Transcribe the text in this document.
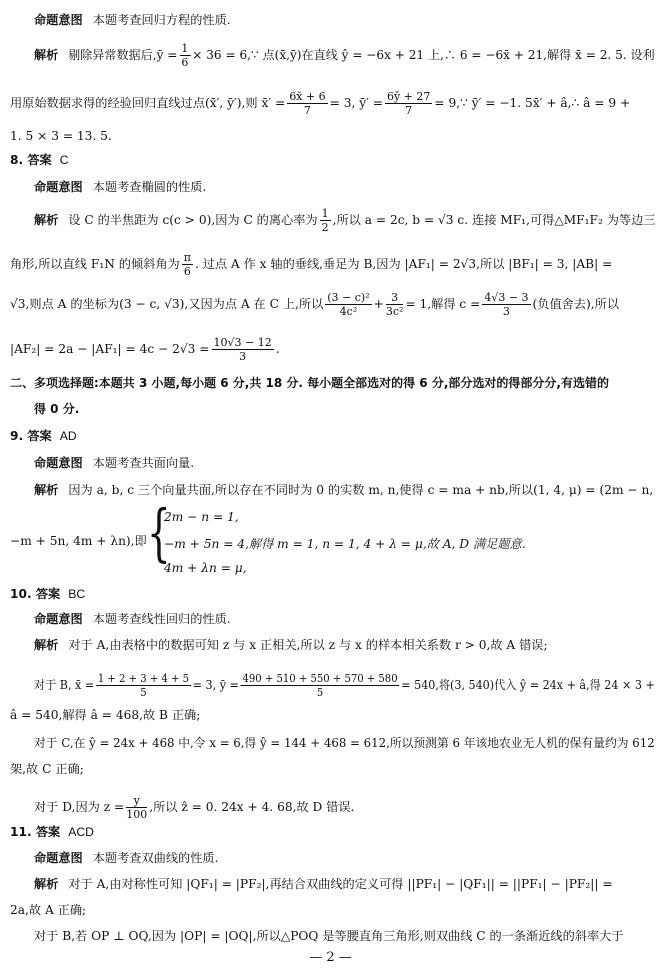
命题意图 本题考查回归方程的性质.
解析 剔除异常数据后,ȳ = $\frac{1}{6} \times 36$ = 6,∵ 点(x̄,ȳ)在直线 ŷ = −6x + 21 上,∴ 6 = −6x̄ + 21,解得 x̄ = 2. 5. 设利
用原始数据求得的经验回归直线过点(x̄′, ȳ′),则 x̄′ = $\frac{6x̄ + 6}{7} = 3$, ȳ′ = $\frac{6ȳ + 27}{7}$ = 9,∵ ȳ′ = −1. 5x̄′ + â,∴ â = 9 +
1. 5 × 3 = 13. 5.
8. 答案 C
命题意图 本题考查椭圆的性质.
解析 设 C 的半焦距为 c(c > 0),因为 C 的离心率为 $\frac{1}{2}$ ,所以 a = 2c, b = √3 c. 连接 MF₁,可得△MF₁F₂ 为等边三
角形,所以直线 F₁N 的倾斜角为 $\frac{\pi}{6}$ . 过点 A 作 x 轴的垂线,垂足为 B,因为 |AF₁| = 2√3,所以 |BF₁| = 3, |AB| =
√3,则点 A 的坐标为(3 − c, √3),又因为点 A 在 C 上,所以 $\frac{\text{(3 − c)²}}{\text{4c²}} + \frac{3}{\text{3c²}} = 1$,解得 $c = \frac{4√3 - 3}{3}$ (负值舍去),所以
$|AF_2| = 2a - |AF_1| = 4c - 2√3 = \frac{10√3 - 12}{3}$ .
二、多项选择题:本题共 3 小题,每小题 6 分,共 18 分. 每小题全部选对的得 6 分,部分选对的得部分分,有选错的
得 0 分.
9. 答案 AD
命题意图 本题考查共面向量.
解析 因为 a, b, c 三个向量共面,所以存在不同时为 0 的实数 m, n,使得 c = ma + nb,所以(1, 4, μ) = (2m − n,
−m + 5n, 4m + λn),即 {
2m − n = 1,
−m + 5n = 4,解得 m = 1, n = 1, 4 + λ = μ,故 A, D 满足题意.
4m + λn = μ,
10. 答案 BC
命题意图 本题考查线性回归的性质.
解析 对于 A,由表格中的数据可知 z 与 x 正相关,所以 z 与 x 的样本相关系数 r > 0,故 A 错误;
对于 B, x̄ = $\frac{1 + 2 + 3 + 4 + 5}{5} = 3$, ȳ = $\frac{490 + 510 + 550 + 570 + 580}{5} = 540$,将(3, 540)代入 ŷ = 24x + â,得 24 × 3 +
â = 540,解得 â = 468,故 B 正确;
对于 C,在 ŷ = 24x + 468 中,令 x = 6,得 ŷ = 144 + 468 = 612,所以预测第 6 年该地农业无人机的保有量约为 612
架,故 C 正确;
对于 D,因为 $z = \frac{y}{100}$ ,所以 ẑ = 0. 24x + 4. 68,故 D 错误.
11. 答案 ACD
命题意图 本题考查双曲线的性质.
解析 对于 A,由对称性可知 |QF₁| = |PF₂|,再结合双曲线的定义可得 ||PF₁| − |QF₁|| = ||PF₁| − |PF₂|| =
2a,故 A 正确;
对于 B,若 OP ⊥ OQ,因为 |OP| = |OQ|,所以△POQ 是等腰直角三角形,则双曲线 C 的一条渐近线的斜率大于
— 2 —
